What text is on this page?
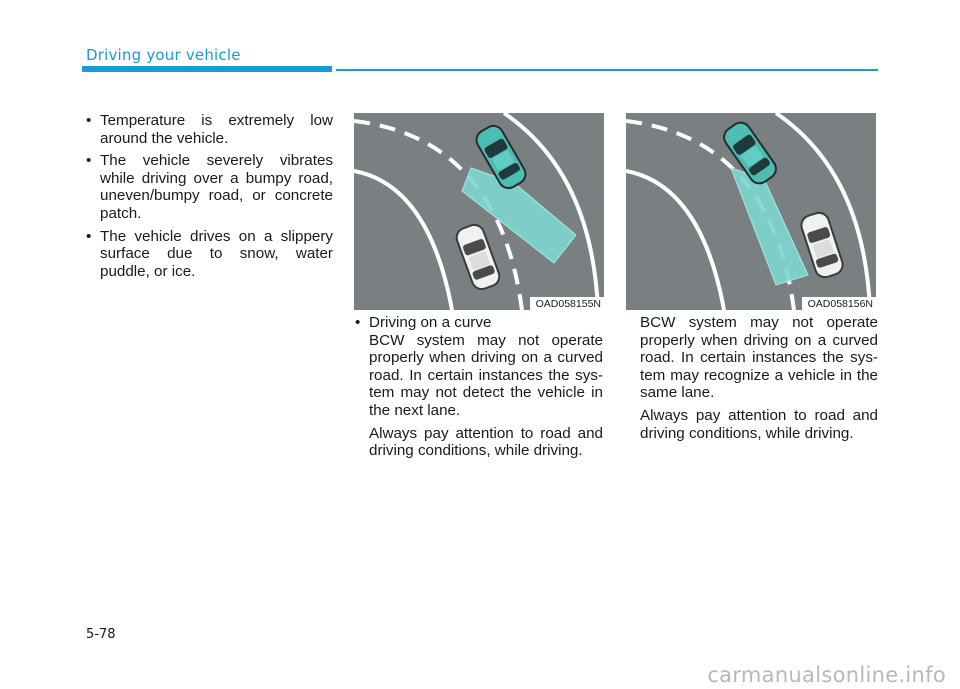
Driving your vehicle
• Temperature is extremely low around the vehicle.
• The vehicle severely vibrates while driving over a bumpy road, uneven/bumpy road, or concrete patch.
• The vehicle drives on a slippery surface due to snow, water puddle, or ice.
OAD058155N	OAD058156N
• Driving on a curve

BCW system may not operate properly when driving on a curved road. In certain instances the sys-tem may not detect the vehicle in the next lane.

Always pay attention to road and driving conditions, while driving.

BCW system may not operate properly when driving on a curved road. In certain instances the sys-tem may recognize a vehicle in the same lane.

Always pay attention to road and driving conditions, while driving.

5-78
carmanualsonline.info
